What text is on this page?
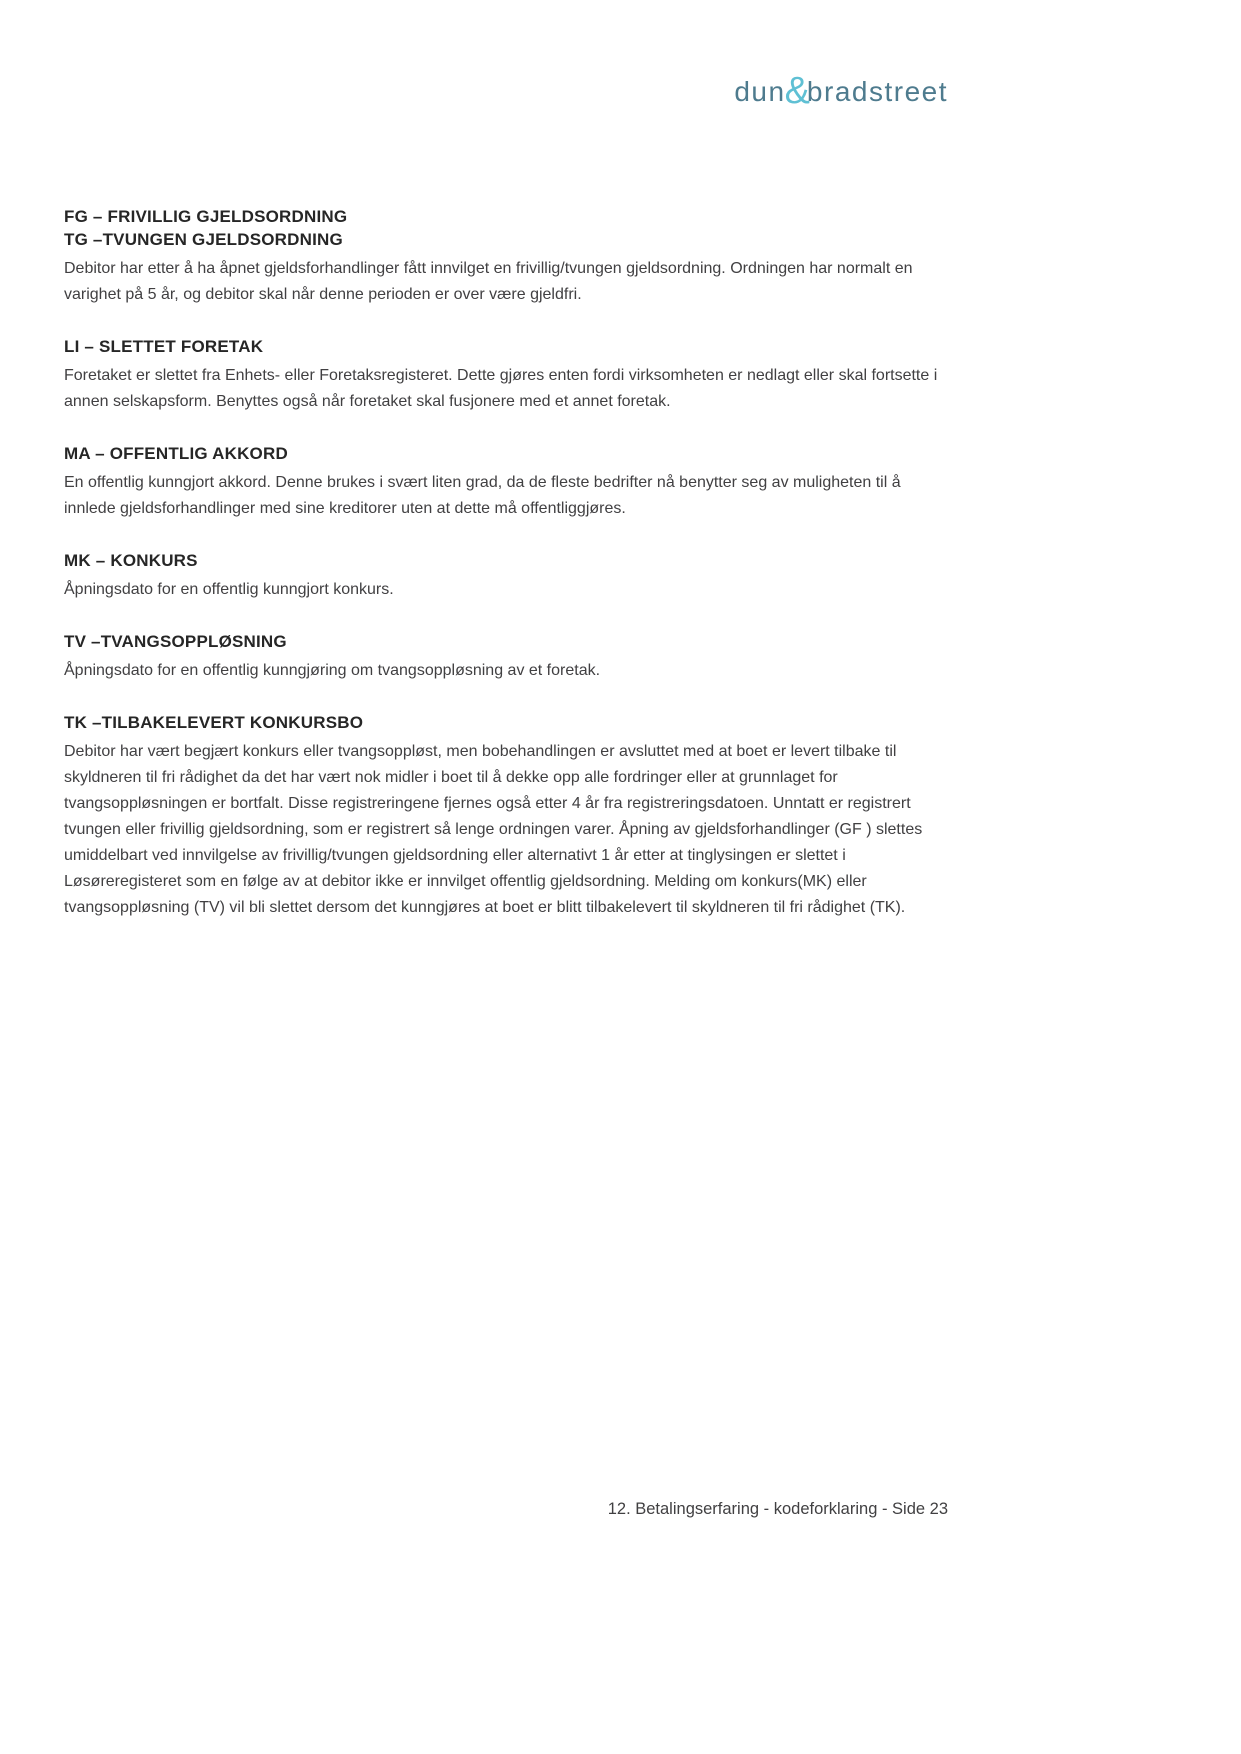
dun &
bradstreet
FG – FRIVILLIG GJELDSORDNING
TG –TVUNGEN GJELDSORDNING

Debitor har etter å ha åpnet gjeldsforhandlinger fått innvilget en frivillig/tvungen gjeldsordning. Ordningen har normalt en varighet på 5 år, og debitor skal når denne perioden er over være gjeldfri.

LI – SLETTET FORETAK

Foretaket er slettet fra Enhets- eller Foretaksregisteret. Dette gjøres enten fordi virksomheten er nedlagt eller skal fortsette i annen selskapsform. Benyttes også når foretaket skal fusjonere med et annet foretak.

MA – OFFENTLIG AKKORD

En offentlig kunngjort akkord. Denne brukes i svært liten grad, da de fleste bedrifter nå benytter seg av muligheten til å innlede gjeldsforhandlinger med sine kreditorer uten at dette må offentliggjøres.

MK – KONKURS

Åpningsdato for en offentlig kunngjort konkurs.

TV –TVANGSOPPLØSNING

Åpningsdato for en offentlig kunngjøring om tvangsoppløsning av et foretak.

TK –TILBAKELEVERT KONKURSBO

Debitor har vært begjært konkurs eller tvangsoppløst, men bobehandlingen er avsluttet med at boet er levert tilbake til skyldneren til fri rådighet da det har vært nok midler i boet til å dekke opp alle fordringer eller at grunnlaget for tvangsoppløsningen er bortfalt. Disse registreringene fjernes også etter 4 år fra registreringsdatoen. Unntatt er registrert tvungen eller frivillig gjeldsordning, som er registrert så lenge ordningen varer. Åpning av gjeldsforhandlinger (GF ) slettes umiddelbart ved innvilgelse av frivillig/tvungen gjeldsordning eller alternativt 1 år etter at tinglysingen er slettet i Løsøreregisteret som en følge av at debitor ikke er innvilget offentlig gjeldsordning. Melding om konkurs(MK) eller tvangsoppløsning (TV) vil bli slettet dersom det kunngjøres at boet er blitt tilbakelevert til skyldneren til fri rådighet (TK).

12. Betalingserfaring - kodeforklaring - Side 23
